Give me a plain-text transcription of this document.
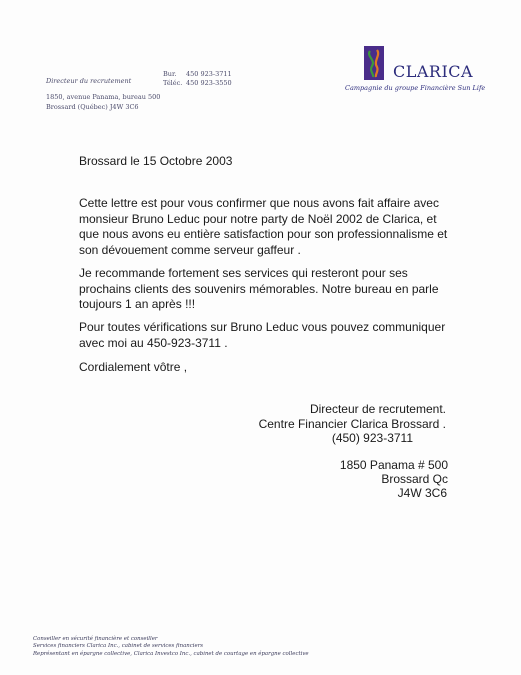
Directeur du recrutement
1850, avenue Panama, bureau 500
Brossard (Québec) J4W 3C6
Bur. 450 923-3711
Téléc. 450 923-3550
CLARICA
Campagnie du groupe Financière Sun Life
Brossard le 15 Octobre 2003
Cette lettre est pour vous confirmer que nous avons fait affaire avec
monsieur Bruno Leduc pour notre party de Noël 2002 de Clarica, et
que nous avons eu entière satisfaction pour son professionnalisme et
son dévouement comme serveur gaffeur .
Je recommande fortement ses services qui resteront pour ses
prochains clients des souvenirs mémorables. Notre bureau en parle
toujours 1 an après !!!
Pour toutes vérifications sur Bruno Leduc vous pouvez communiquer
avec moi au 450-923-3711 .
Cordialement vôtre ,
Directeur de recrutement.
Centre Financier Clarica Brossard .
(450) 923-3711
1850 Panama # 500
Brossard Qc
J4W 3C6
Conseiller en sécurité financière et conseiller
Services financiers Clarica Inc., cabinet de services financiers
Représentant en épargne collective, Clarica Investco Inc., cabinet de courtage en épargne collective
